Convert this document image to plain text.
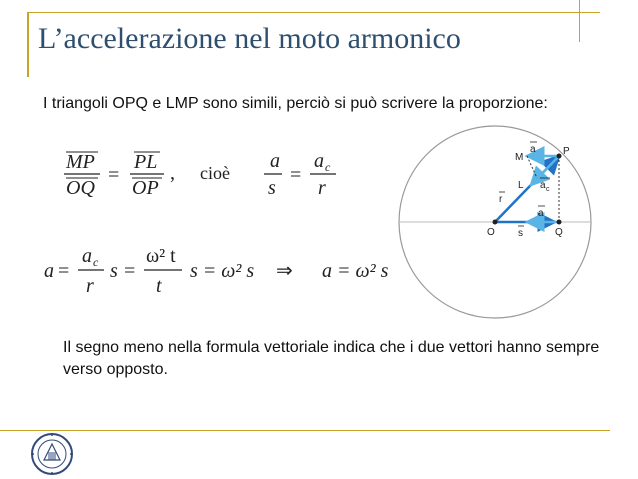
L’accelerazione nel moto armonico
I triangoli OPQ e LMP sono simili, perciò si può scrivere la proporzione:
MP
OQ
=
PL
OP
, cioè
a
s
=
a c
r
a =
a c
r
s =
ω² t
t
s = ω² s ⇒ a = ω² s
M
a	P
L a c
r
a
O s	Q
Il segno meno nella formula vettoriale indica che i due vettori hanno sempre verso opposto.
